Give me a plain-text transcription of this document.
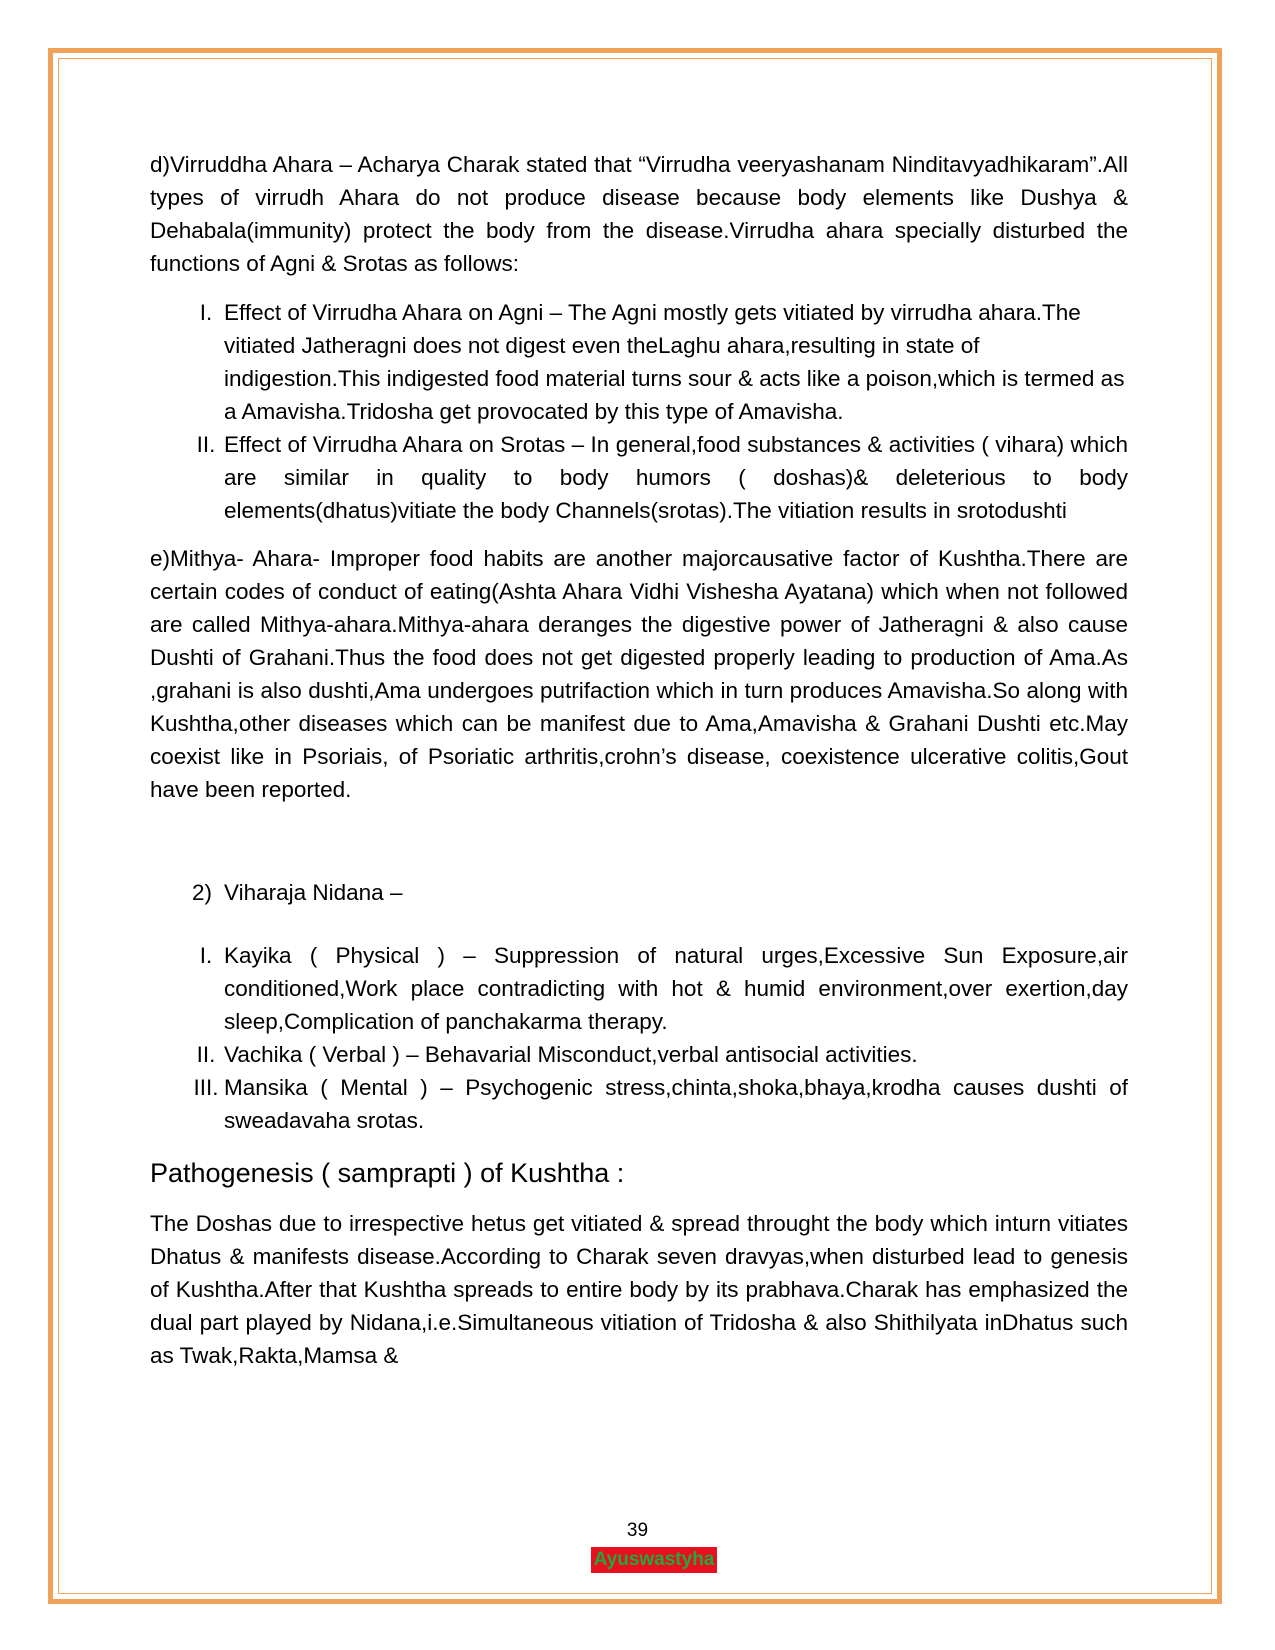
d)Virruddha Ahara – Acharya Charak stated that “Virrudha veeryashanam Ninditavyadhikaram”.All types of virrudh Ahara do not produce disease because body elements like Dushya & Dehabala(immunity) protect the body from the disease.Virrudha ahara specially disturbed the functions of Agni & Srotas as follows:

I. Effect of Virrudha Ahara on Agni – The Agni mostly gets vitiated by virrudha ahara.The vitiated Jatheragni does not digest even theLaghu ahara,resulting in state of indigestion.This indigested food material turns sour & acts like a poison,which is termed as a Amavisha.Tridosha get provocated by this type of Amavisha.
II. Effect of Virrudha Ahara on Srotas – In general,food substances & activities ( vihara) which are similar in quality to body humors ( doshas)& deleterious to body elements(dhatus)vitiate the body Channels(srotas).The vitiation results in srotodushti

e)Mithya- Ahara- Improper food habits are another majorcausative factor of Kushtha.There are certain codes of conduct of eating(Ashta Ahara Vidhi Vishesha Ayatana) which when not followed are called Mithya-ahara.Mithya-ahara deranges the digestive power of Jatheragni & also cause Dushti of Grahani.Thus the food does not get digested properly leading to production of Ama.As ,grahani is also dushti,Ama undergoes putrifaction which in turn produces Amavisha.So along with Kushtha,other diseases which can be manifest due to Ama,Amavisha & Grahani Dushti etc.May coexist like in Psoriais, of Psoriatic arthritis,crohn’s disease, coexistence ulcerative colitis,Gout have been reported.

2) Viharaja Nidana –
I. Kayika ( Physical ) – Suppression of natural urges,Excessive Sun Exposure,air conditioned,Work place contradicting with hot & humid environment,over exertion,day sleep,Complication of panchakarma therapy.
II. Vachika ( Verbal ) – Behavarial Misconduct,verbal antisocial activities.
III. Mansika ( Mental ) – Psychogenic stress,chinta,shoka,bhaya,krodha causes dushti of sweadavaha srotas.

Pathogenesis ( samprapti ) of Kushtha :

The Doshas due to irrespective hetus get vitiated & spread throught the body which inturn vitiates Dhatus & manifests disease.According to Charak seven dravyas,when disturbed lead to genesis of Kushtha.After that Kushtha spreads to entire body by its prabhava.Charak has emphasized the dual part played by Nidana,i.e.Simultaneous vitiation of Tridosha & also Shithilyata inDhatus such as Twak,Rakta,Mamsa &

39
Ayuswastyha
